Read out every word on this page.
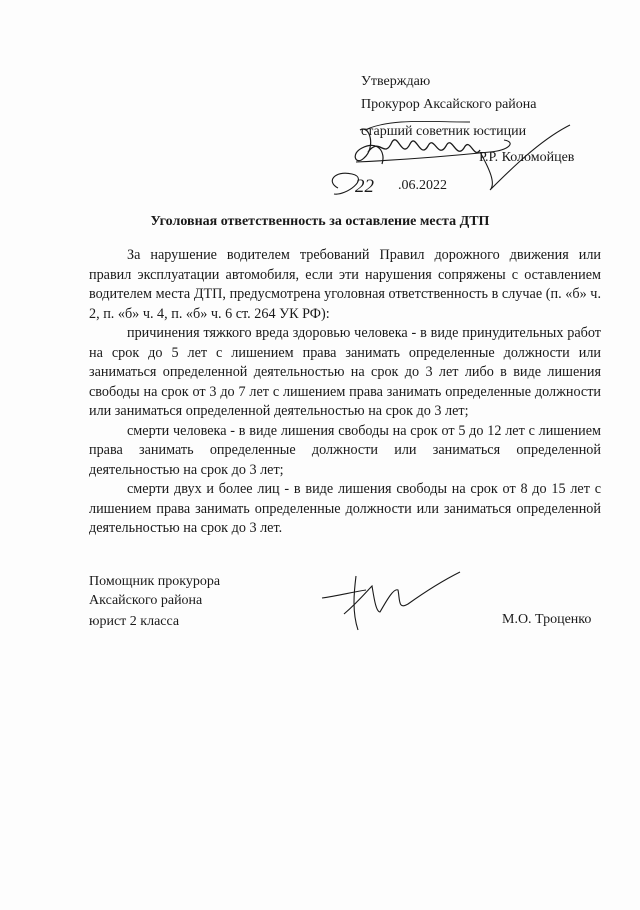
Утверждаю
Прокурор Аксайского района
старший советник юстиции
Р.Р. Коломойцев
22 .06.2022
Уголовная ответственность за оставление места ДТП

За нарушение водителем требований Правил дорожного движения или правил эксплуатации автомобиля, если эти нарушения сопряжены с оставлением водителем места ДТП, предусмотрена уголовная ответственность в случае (п. «б» ч. 2, п. «б» ч. 4, п. «б» ч. 6 ст. 264 УК РФ):

причинения тяжкого вреда здоровью человека - в виде принудительных работ на срок до 5 лет с лишением права занимать определенные должности или заниматься определенной деятельностью на срок до 3 лет либо в виде лишения свободы на срок от 3 до 7 лет с лишением права занимать определенные должности или заниматься определенной деятельностью на срок до 3 лет;

смерти человека - в виде лишения свободы на срок от 5 до 12 лет с лишением права занимать определенные должности или заниматься определенной деятельностью на срок до 3 лет;

смерти двух и более лиц - в виде лишения свободы на срок от 8 до 15 лет с лишением права занимать определенные должности или заниматься определенной деятельностью на срок до 3 лет.

Помощник прокурора
Аксайского района
юрист 2 класса	М.О. Троценко
